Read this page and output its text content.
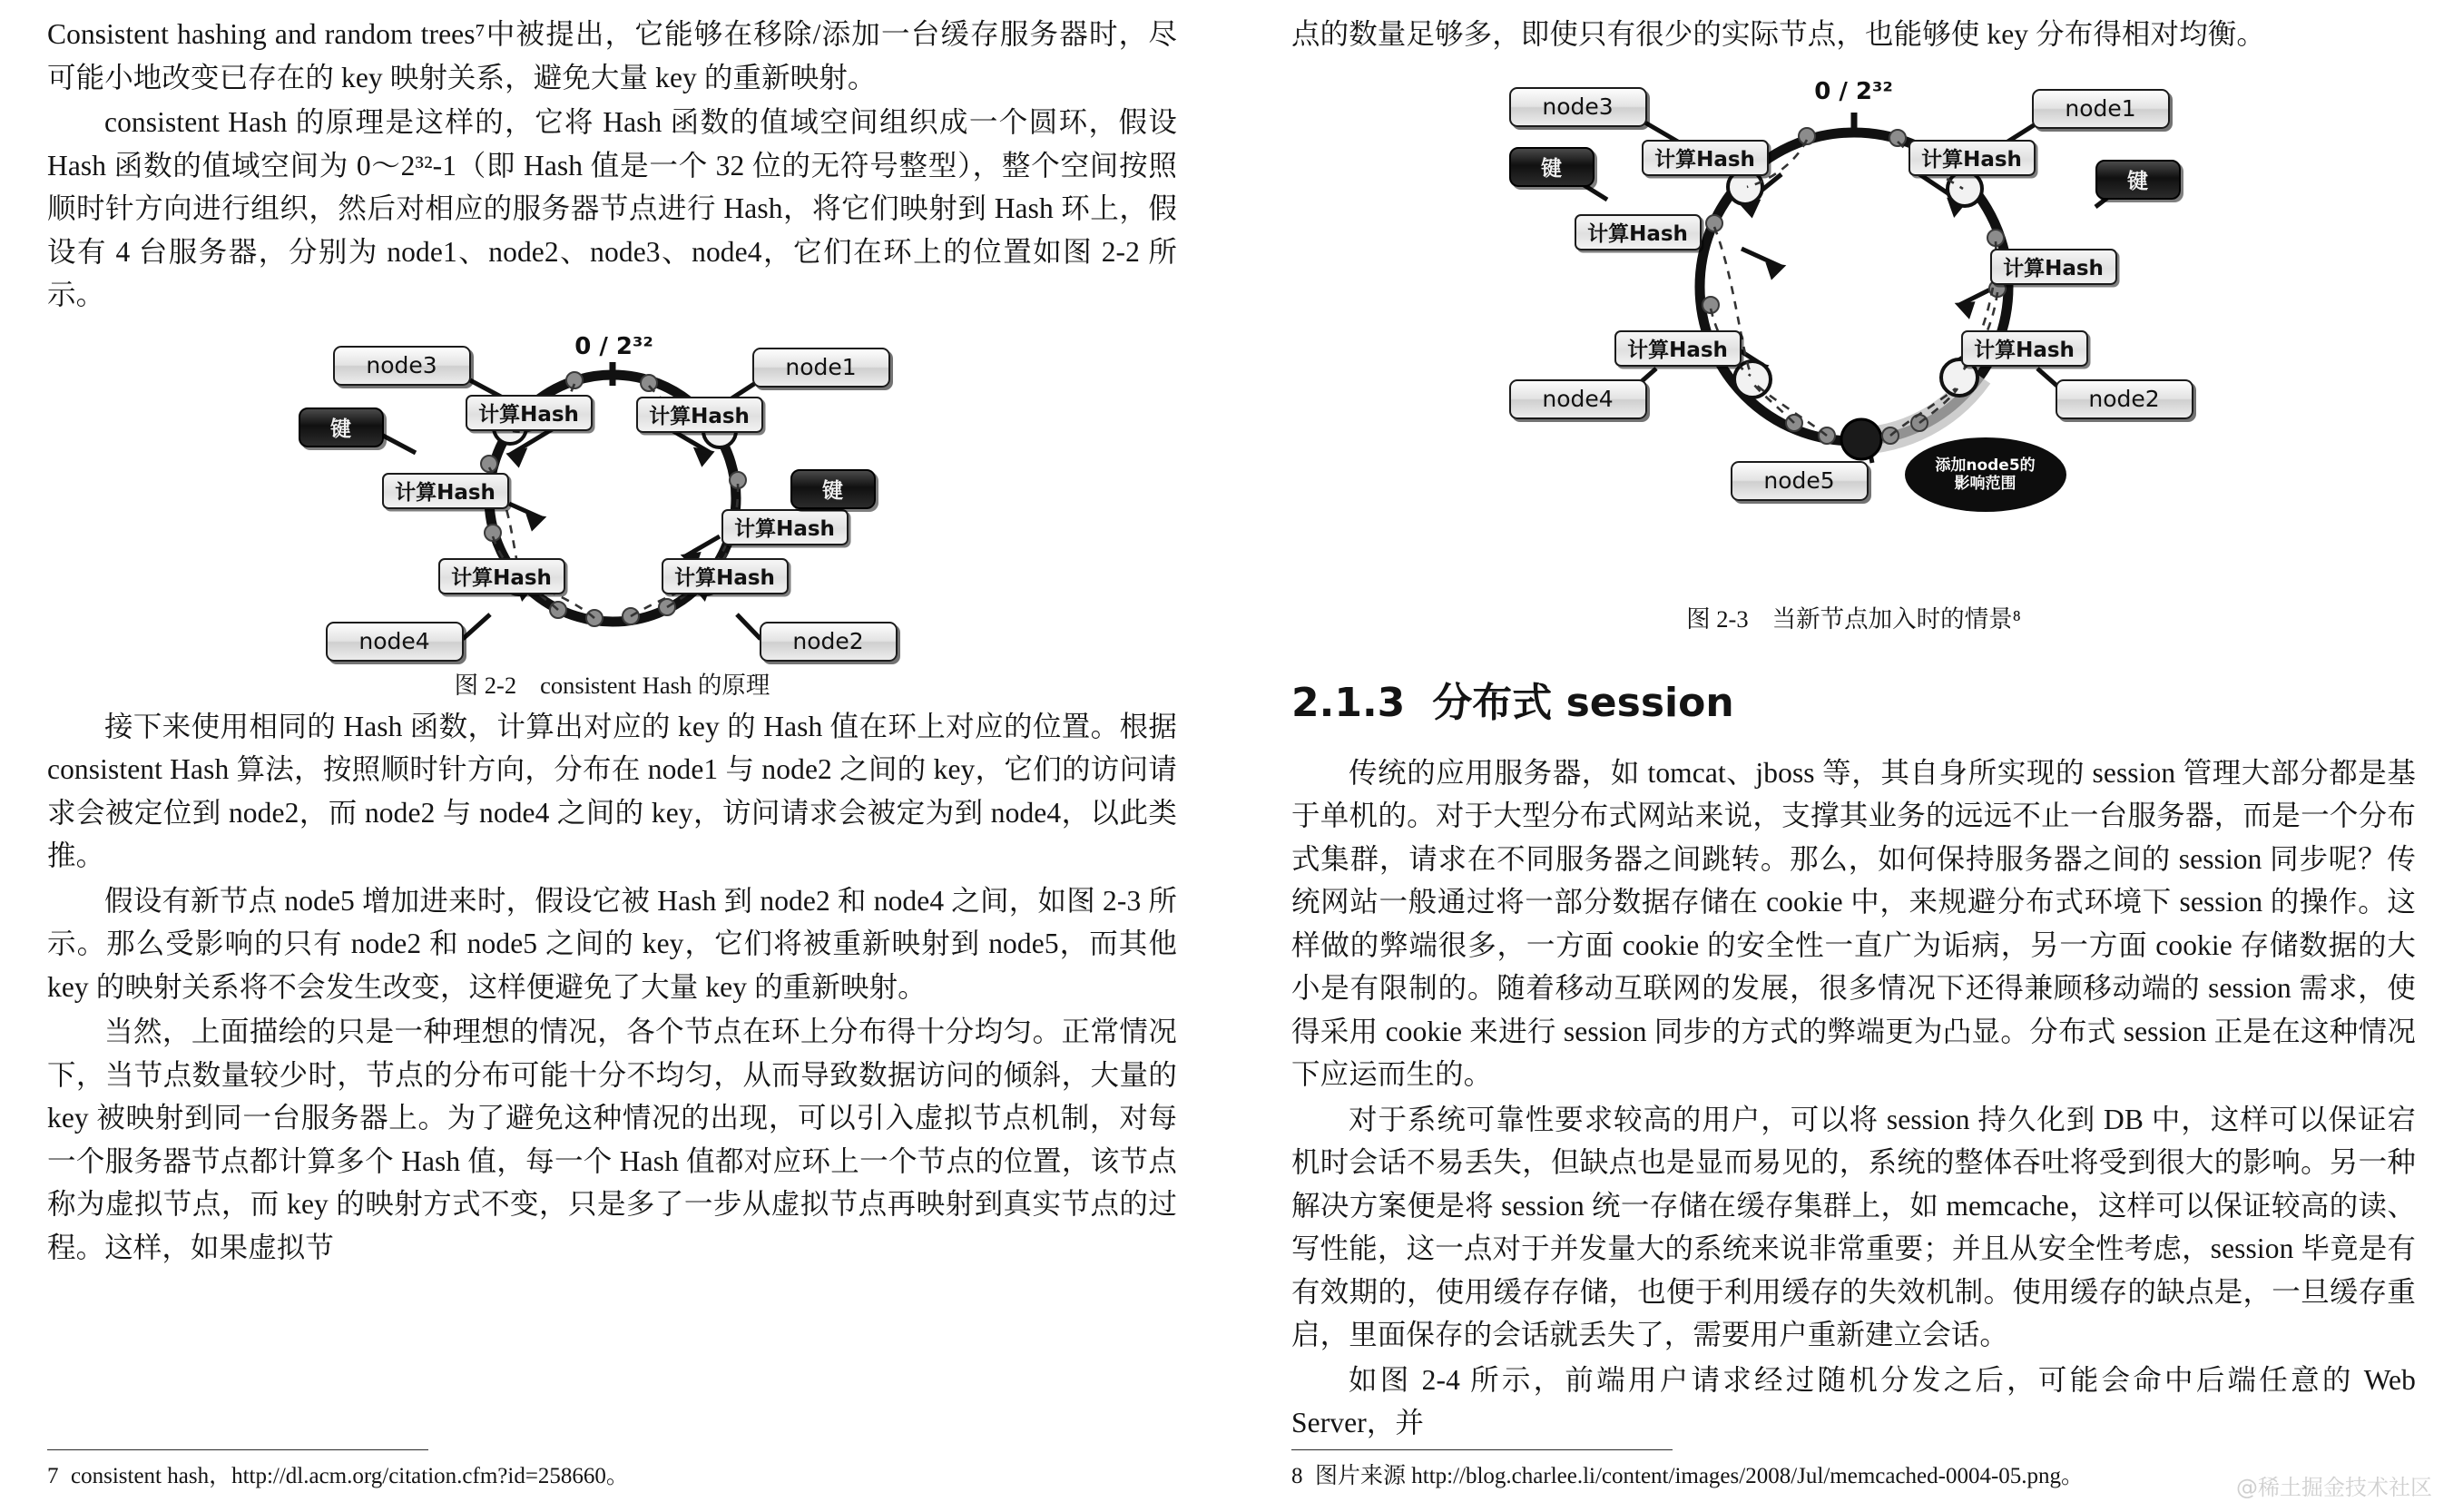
Consistent hashing and random trees⁷中被提出，它能够在移除/添加一台缓存服务器时，尽可能小地改变已存在的 key 映射关系，避免大量 key 的重新映射。

consistent Hash 的原理是这样的，它将 Hash 函数的值域空间组织成一个圆环，假设 Hash 函数的值域空间为 0～2³²-1（即 Hash 值是一个 32 位的无符号整型），整个空间按照顺时针方向进行组织，然后对相应的服务器节点进行 Hash，将它们映射到 Hash 环上，假设有 4 台服务器，分别为 node1、node2、node3、node4，它们在环上的位置如图 2-2 所示。

0 / 2³²
node3	node1
node4	node2
计算Hash	计算Hash
计算Hash
计算Hash
计算Hash	计算Hash
键
键
图 2-2 consistent Hash 的原理

接下来使用相同的 Hash 函数，计算出对应的 key 的 Hash 值在环上对应的位置。根据 consistent Hash 算法，按照顺时针方向，分布在 node1 与 node2 之间的 key，它们的访问请求会被定位到 node2，而 node2 与 node4 之间的 key，访问请求会被定为到 node4，以此类推。

假设有新节点 node5 增加进来时，假设它被 Hash 到 node2 和 node4 之间，如图 2-3 所示。那么受影响的只有 node2 和 node5 之间的 key，它们将被重新映射到 node5，而其他 key 的映射关系将不会发生改变，这样便避免了大量 key 的重新映射。

当然，上面描绘的只是一种理想的情况，各个节点在环上分布得十分均匀。正常情况下，当节点数量较少时，节点的分布可能十分不均匀，从而导致数据访问的倾斜，大量的 key 被映射到同一台服务器上。为了避免这种情况的出现，可以引入虚拟节点机制，对每一个服务器节点都计算多个 Hash 值，每一个 Hash 值都对应环上一个节点的位置，该节点称为虚拟节点，而 key 的映射方式不变，只是多了一步从虚拟节点再映射到真实节点的过程。这样，如果虚拟节

7 consistent hash，http://dl.acm.org/citation.cfm?id=258660。

点的数量足够多，即使只有很少的实际节点，也能够使 key 分布得相对均衡。

0 / 2³²
node3	node1
node4	node2
node5
计算Hash	计算Hash
计算Hash
计算Hash
计算Hash	计算Hash
键
键
添加node5的
影响范围
图 2-3 当新节点加入时的情景⁸
2.1.3 分布式 session

传统的应用服务器，如 tomcat、jboss 等，其自身所实现的 session 管理大部分都是基于单机的。对于大型分布式网站来说，支撑其业务的远远不止一台服务器，而是一个分布式集群，请求在不同服务器之间跳转。那么，如何保持服务器之间的 session 同步呢？传统网站一般通过将一部分数据存储在 cookie 中，来规避分布式环境下 session 的操作。这样做的弊端很多，一方面 cookie 的安全性一直广为诟病，另一方面 cookie 存储数据的大小是有限制的。随着移动互联网的发展，很多情况下还得兼顾移动端的 session 需求，使得采用 cookie 来进行 session 同步的方式的弊端更为凸显。分布式 session 正是在这种情况下应运而生的。

对于系统可靠性要求较高的用户，可以将 session 持久化到 DB 中，这样可以保证宕机时会话不易丢失，但缺点也是显而易见的，系统的整体吞吐将受到很大的影响。另一种解决方案便是将 session 统一存储在缓存集群上，如 memcache，这样可以保证较高的读、写性能，这一点对于并发量大的系统来说非常重要；并且从安全性考虑，session 毕竟是有有效期的，使用缓存存储，也便于利用缓存的失效机制。使用缓存的缺点是，一旦缓存重启，里面保存的会话就丢失了，需要用户重新建立会话。

如图 2-4 所示，前端用户请求经过随机分发之后，可能会命中后端任意的 Web Server，并

8 图片来源 http://blog.charlee.li/content/images/2008/Jul/memcached-0004-05.png。	@稀土掘金技术社区
